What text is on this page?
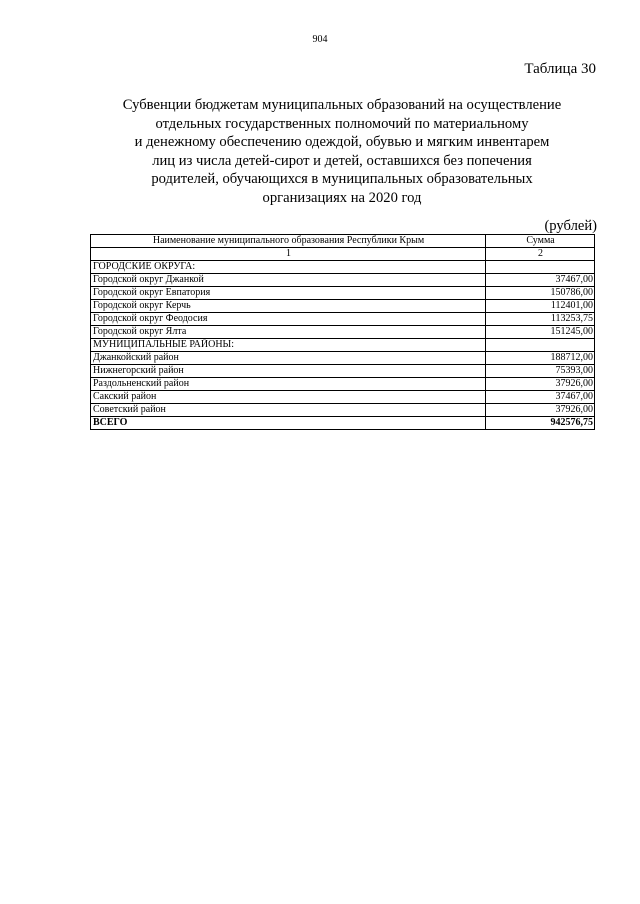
904
Таблица 30
Субвенции бюджетам муниципальных образований на осуществление
отдельных государственных полномочий по материальному
и денежному обеспечению одеждой, обувью и мягким инвентарем
лиц из числа детей-сирот и детей, оставшихся без попечения
родителей, обучающихся в муниципальных образовательных
организациях на 2020 год
(рублей)
Наименование муниципального образования Республики Крым	Сумма
1	2
ГОРОДСКИЕ ОКРУГА:	
Городской округ Джанкой	37467,00
Городской округ Евпатория	150786,00
Городской округ Керчь	112401,00
Городской округ Феодосия	113253,75
Городской округ Ялта	151245,00
МУНИЦИПАЛЬНЫЕ РАЙОНЫ:	
Джанкойский район	188712,00
Нижнегорский район	75393,00
Раздольненский район	37926,00
Сакский район	37467,00
Советский район	37926,00
ВСЕГО	942576,75
